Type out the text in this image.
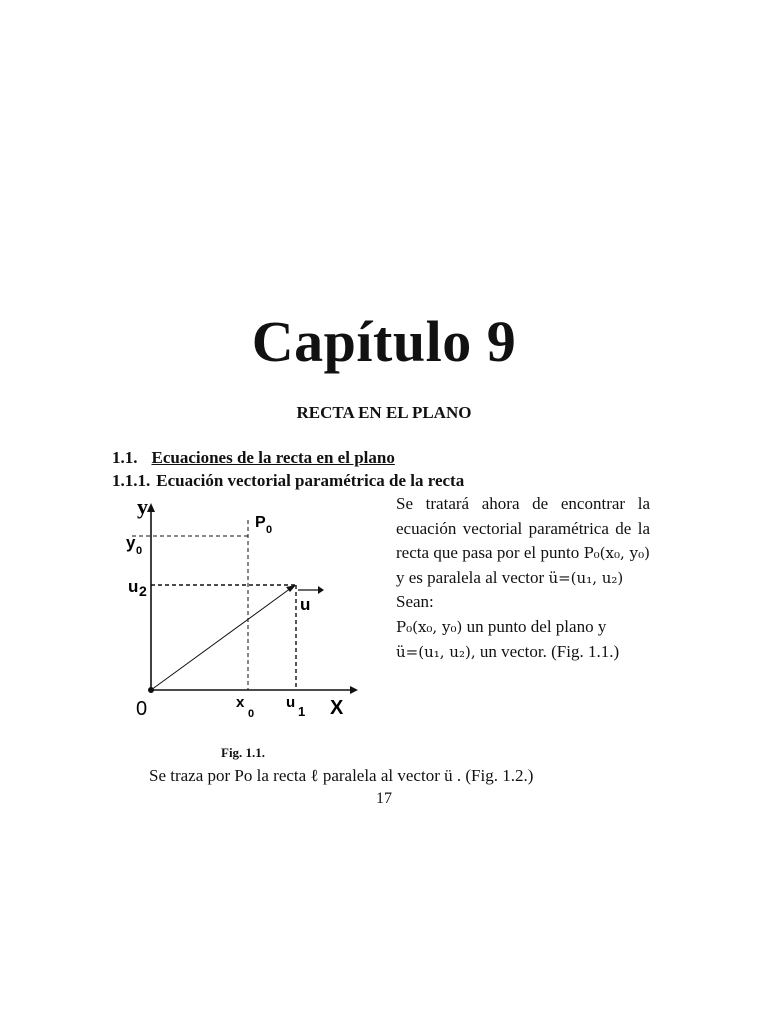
Capítulo 9
RECTA EN EL PLANO
1.1. Ecuaciones de la recta en el plano
1.1.1. Ecuación vectorial paramétrica de la recta

Se tratará ahora de encontrar la ecuación vectorial paramétrica de la recta que pasa por el punto P₀(x₀, y₀) y es paralela al vector ü=(u₁, u₂)

Sean:

P₀(x₀, y₀) un punto del plano y

ü=(u₁, u₂), un vector. (Fig. 1.1.)

y
X
0
y 0
u 2
P 0
u
x
0
u
1
Fig. 1.1.
Se traza por Po la recta ℓ paralela al vector ü . (Fig. 1.2.)
17
